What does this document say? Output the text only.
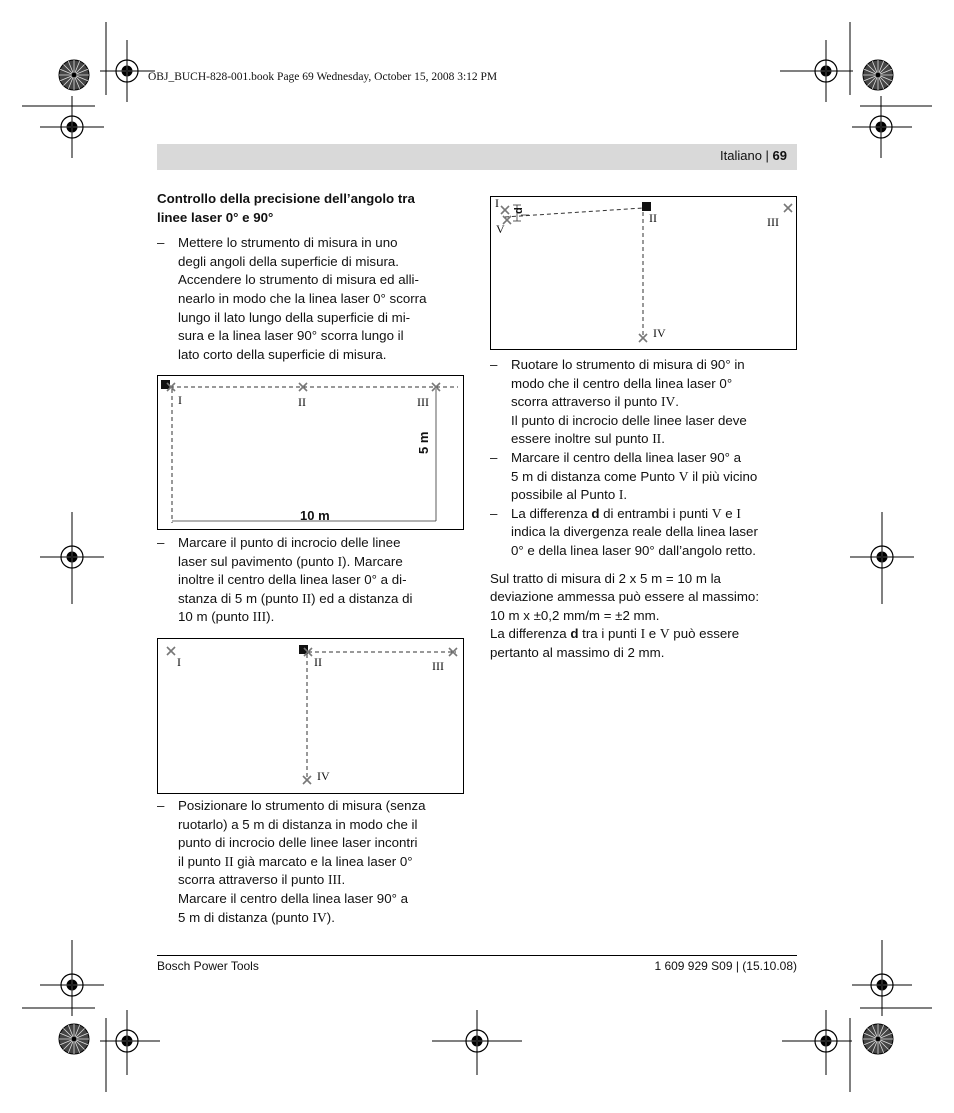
OBJ_BUCH-828-001.book Page 69 Wednesday, October 15, 2008 3:12 PM
Italiano | 69
Controllo della precisione dell’angolo tra
linee laser 0° e 90°
– Mettere lo strumento di misura in uno
degli angoli della superficie di misura.
Accendere lo strumento di misura ed alli-
nearlo in modo che la linea laser 0° scorra
lungo il lato lungo della superficie di mi-
sura e la linea laser 90° scorra lungo il
lato corto della superficie di misura.
I	II	III
5 m
10 m
– Marcare il punto di incrocio delle linee
laser sul pavimento (punto I). Marcare
inoltre il centro della linea laser 0° a di-
stanza di 5 m (punto II) ed a distanza di
10 m (punto III).
I	II	III
IV
– Posizionare lo strumento di misura (senza
ruotarlo) a 5 m di distanza in modo che il
punto di incrocio delle linee laser incontri
il punto II già marcato e la linea laser 0°
scorra attraverso il punto III.
Marcare il centro della linea laser 90° a
5 m di distanza (punto IV).
I
V
d
II	III
IV
– Ruotare lo strumento di misura di 90° in
modo che il centro della linea laser 0°
scorra attraverso il punto IV.
Il punto di incrocio delle linee laser deve
essere inoltre sul punto II.
– Marcare il centro della linea laser 90° a
5 m di distanza come Punto V il più vicino
possibile al Punto I.
– La differenza d di entrambi i punti V e I
indica la divergenza reale della linea laser
0° e della linea laser 90° dall’angolo retto.
Sul tratto di misura di 2 x 5 m = 10 m la
deviazione ammessa può essere al massimo:
10 m x ±0,2 mm/m = ±2 mm.
La differenza d tra i punti I e V può essere
pertanto al massimo di 2 mm.
Bosch Power Tools	1 609 929 S09 | (15.10.08)
